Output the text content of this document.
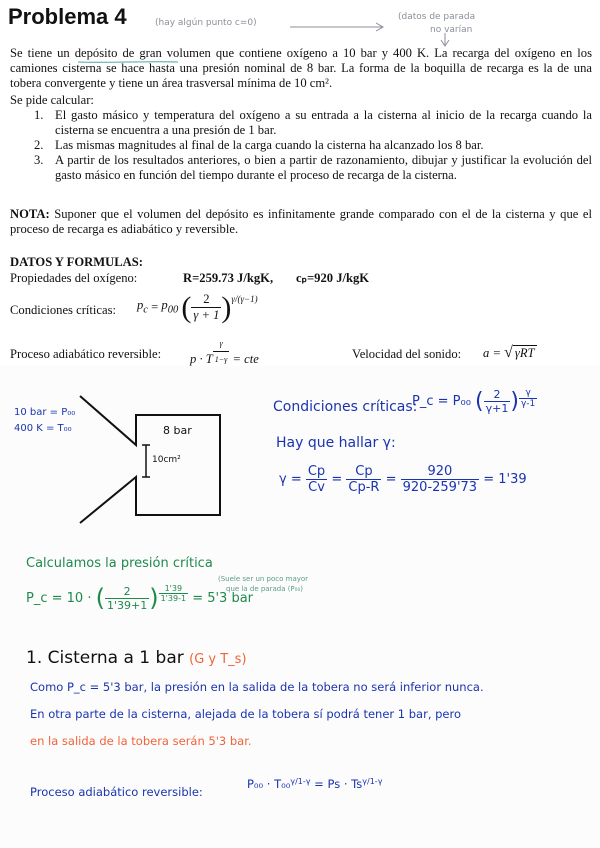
Problema 4	(hay algún punto c=0)
(datos de parada
no varían
Se tiene un depósito de gran volumen que contiene oxígeno a 10 bar y 400 K. La recarga del oxígeno en los camiones cisterna se hace hasta una presión nominal de 8 bar. La forma de la boquilla de recarga es la de una tobera convergente y tiene un área trasversal mínima de 10 cm².
Se pide calcular:
1. El gasto másico y temperatura del oxígeno a su entrada a la cisterna al inicio de la recarga cuando la cisterna se encuentra a una presión de 1 bar.
2. Las mismas magnitudes al final de la carga cuando la cisterna ha alcanzado los 8 bar.
3. A partir de los resultados anteriores, o bien a partir de razonamiento, dibujar y justificar la evolución del gasto másico en función del tiempo durante el proceso de recarga de la cisterna.
NOTA: Suponer que el volumen del depósito es infinitamente grande comparado con el de la cisterna y que el proceso de recarga es adiabático y reversible.
DATOS Y FORMULAS:
Propiedades del oxígeno:	R=259.73 J/kgK, cₚ=920 J/kgK
Condiciones críticas: $p_c = p_{00}$ ( $\frac{2}{\gamma + 1} )\gamma/(\gamma-1)$
Proceso adiabático reversible: p · T $\frac{\gamma}{1-\gamma}$ = cte	Velocidad del sonido: a = √ γRT
10 bar = P₀₀
400 K = T₀₀	8 bar
10cm²
Condiciones críticas:
P_c = P₀₀ ( $\frac{2}{\gamma+1}$ ) $\frac{\gamma}{\gamma-1}$
Hay que hallar γ:
$\gamma = \frac{Cp}{Cv} = \frac{Cp}{Cp-R} = \frac{920}{920-259'73} = 1'39$
Calculamos la presión crítica
P_c = 10 · ( $\frac{2}{1'39+1}$ ) $\frac{1'39}{1'39-1} = 5'3$ bar
(Suele ser un poco mayor
que la de parada (P₀₀)
1. Cisterna a 1 bar (G y T_s)
Como P_c = 5'3 bar, la presión en la salida de la tobera no será inferior nunca.
En otra parte de la cisterna, alejada de la tobera sí podrá tener 1 bar, pero
en la salida de la tobera serán 5'3 bar.
Proceso adiabático reversible:
P₀₀ · T₀₀γ/1-γ = Ps · Tsγ/1-γ
